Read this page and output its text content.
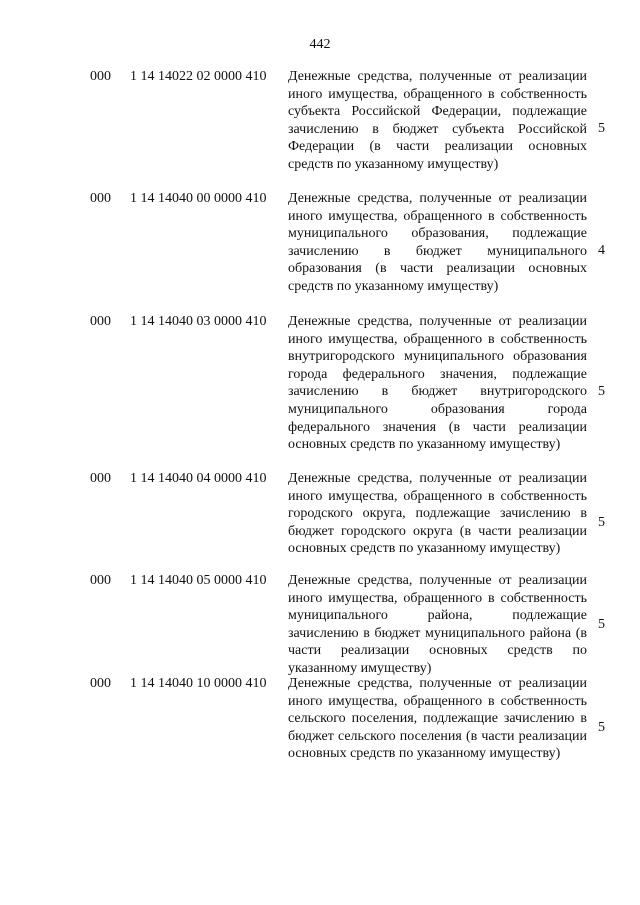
442
000 1 14 14022 02 0000 410 Денежные средства, полученные от реализации иного имущества, обращенного в собственность субъекта Российской Федерации, подлежащие зачислению в бюджет субъекта Российской Федерации (в части реализации основных средств по указанному имуществу)
5
000 1 14 14040 00 0000 410 Денежные средства, полученные от реализации иного имущества, обращенного в собственность муниципального образования, подлежащие зачислению в бюджет муниципального образования (в части реализации основных средств по указанному имуществу)
4
000 1 14 14040 03 0000 410 Денежные средства, полученные от реализации иного имущества, обращенного в собственность внутригородского муниципального образования города федерального значения, подлежащие зачислению в бюджет внутригородского муниципального образования города федерального значения (в части реализации основных средств по указанному имуществу)
5
000 1 14 14040 04 0000 410 Денежные средства, полученные от реализации иного имущества, обращенного в собственность городского округа, подлежащие зачислению в бюджет городского округа (в части реализации основных средств по указанному имуществу)
5
000 1 14 14040 05 0000 410 Денежные средства, полученные от реализации иного имущества, обращенного в собственность муниципального района, подлежащие зачислению в бюджет муниципального района (в части реализации основных средств по указанному имуществу)
5
000 1 14 14040 10 0000 410 Денежные средства, полученные от реализации иного имущества, обращенного в собственность сельского поселения, подлежащие зачислению в бюджет сельского поселения (в части реализации основных средств по указанному имуществу)
5
